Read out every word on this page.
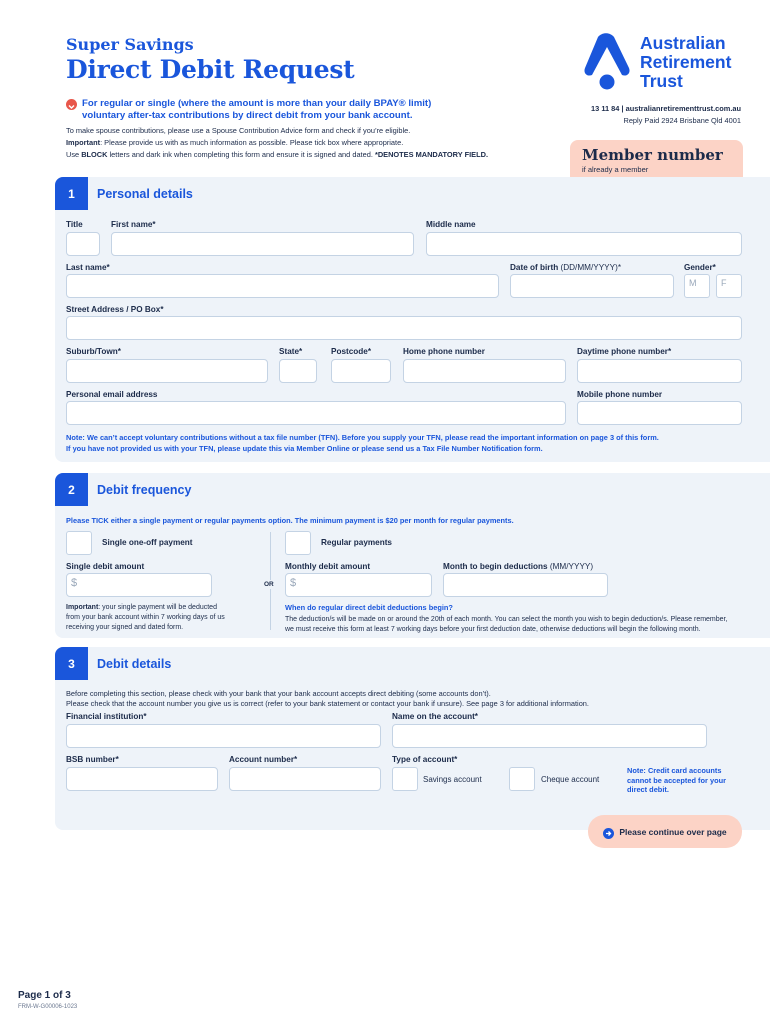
Super Savings
Direct Debit Request
For regular or single (where the amount is more than your daily BPAY® limit)
voluntary after-tax contributions by direct debit from your bank account.
To make spouse contributions, please use a Spouse Contribution Advice form and check if you’re eligible.
Important: Please provide us with as much information as possible. Please tick box where appropriate.
Use BLOCK letters and dark ink when completing this form and ensure it is signed and dated. *DENOTES MANDATORY FIELD.
Australian
Retirement
Trust
13 11 84 | australianretirementtrust.com.au
Reply Paid 2924 Brisbane Qld 4001
Member number
if already a member
1	Personal details
Title	First name*	Middle name
Last name*	Date of birth (DD/MM/YYYY)*	Gender*
M	F
Street Address / PO Box*
Suburb/Town*	State*	Postcode*	Home phone number	Daytime phone number*
Personal email address	Mobile phone number
Note: We can’t accept voluntary contributions without a tax file number (TFN). Before you supply your TFN, please read the important information on page 3 of this form.
If you have not provided us with your TFN, please update this via Member Online or please send us a Tax File Number Notification form.
2	Debit frequency
Please TICK either a single payment or regular payments option. The minimum payment is $20 per month for regular payments.
Single one-off payment	Regular payments
Single debit amount	Monthly debit amount	Month to begin deductions (MM/YYYY)
$	OR	$
Important: your single payment will be deducted
from your bank account within 7 working days of us
receiving your signed and dated form.
When do regular direct debit deductions begin?
The deduction/s will be made on or around the 20th of each month. You can select the month you wish to begin deduction/s. Please remember,
we must receive this form at least 7 working days before your first deduction date, otherwise deductions will begin the following month.
3	Debit details
Before completing this section, please check with your bank that your bank account accepts direct debiting (some accounts don’t).
Please check that the account number you give us is correct (refer to your bank statement or contact your bank if unsure). See page 3 for additional information.
Financial institution*	Name on the account*
BSB number*	Account number*	Type of account*
Savings account	Cheque account
Note: Credit card accounts
cannot be accepted for your
direct debit.
Please continue over page
Page 1 of 3
FRM-W-G00006-1023
